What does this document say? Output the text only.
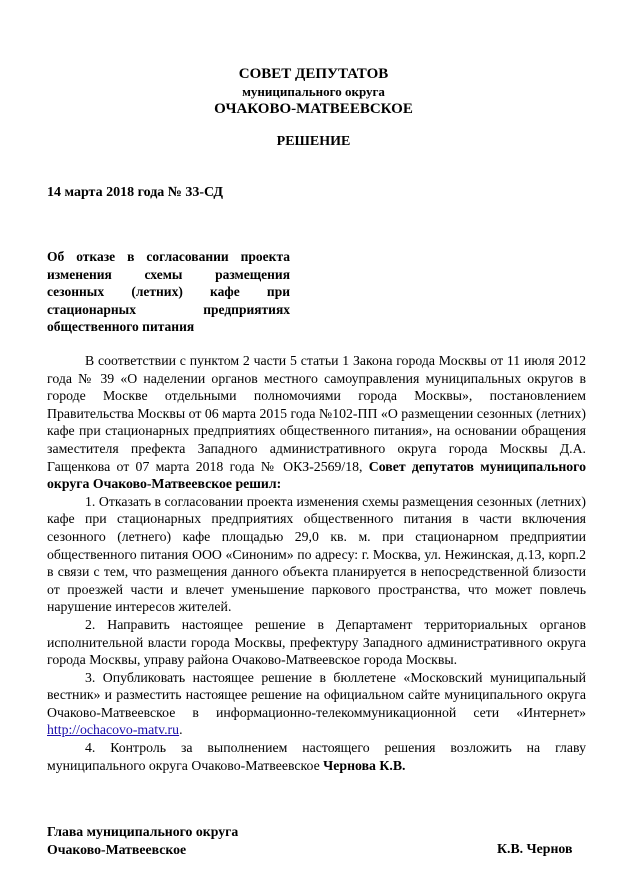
СОВЕТ ДЕПУТАТОВ
муниципального округа
ОЧАКОВО-МАТВЕЕВСКОЕ
РЕШЕНИЕ
14 марта 2018 года № 33-СД
Об отказе в согласовании проекта
изменения схемы размещения
сезонных (летних) кафе при
стационарных предприятиях
общественного питания

В соответствии с пунктом 2 части 5 статьи 1 Закона города Москвы от 11 июля 2012 года № 39 «О наделении органов местного самоуправления муниципальных округов в городе Москве отдельными полномочиями города Москвы», постановлением Правительства Москвы от 06 марта 2015 года №102-ПП «О размещении сезонных (летних) кафе при стационарных предприятиях общественного питания», на основании обращения заместителя префекта Западного административного округа города Москвы Д.А. Гащенкова от 07 марта 2018 года № ОКЗ-2569/18, Совет депутатов муниципального округа Очаково-Матвеевское решил:

1. Отказать в согласовании проекта изменения схемы размещения сезонных (летних) кафе при стационарных предприятиях общественного питания в части включения сезонного (летнего) кафе площадью 29,0 кв. м. при стационарном предприятии общественного питания ООО «Синоним» по адресу: г. Москва, ул. Нежинская, д.13, корп.2 в связи с тем, что размещения данного объекта планируется в непосредственной близости от проезжей части и влечет уменьшение паркового пространства, что может повлечь нарушение интересов жителей.

2. Направить настоящее решение в Департамент территориальных органов исполнительной власти города Москвы, префектуру Западного административного округа города Москвы, управу района Очаково-Матвеевское города Москвы.

3. Опубликовать настоящее решение в бюллетене «Московский муниципальный вестник» и разместить настоящее решение на официальном сайте муниципального округа Очаково-Матвеевское в информационно-телекоммуникационной сети «Интернет» http://ochacovo-matv.ru.

4. Контроль за выполнением настоящего решения возложить на главу муниципального округа Очаково-Матвеевское Чернова К.В.

Глава муниципального округа
Очаково-Матвеевское	К.В. Чернов
